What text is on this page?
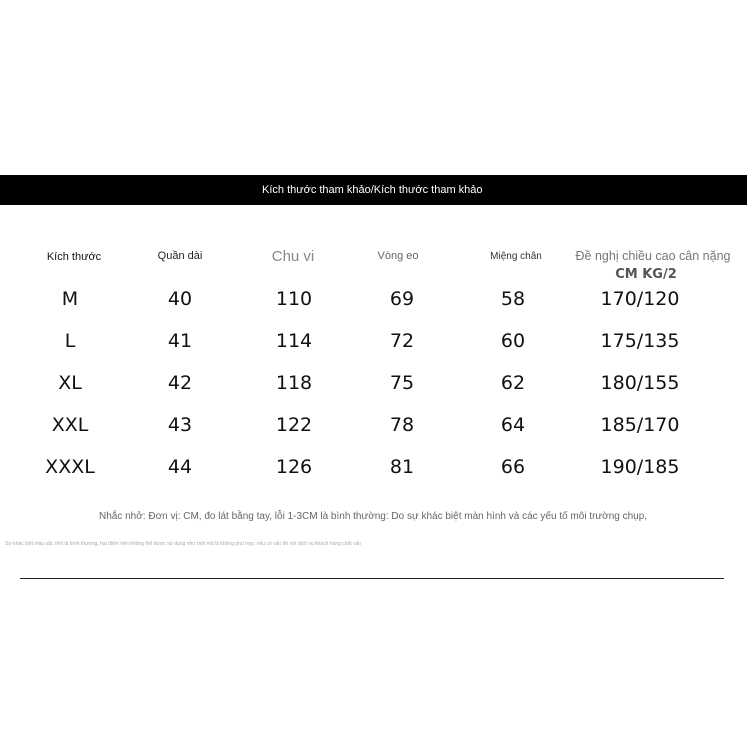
Kích thước tham khảo/Kích thước tham khảo
Kích thước	Quần dài	Chu vi	Vòng eo	Miệng chân	Đề nghị chiều cao cân nặng
CM KG/2
M	40	110	69	58	170/120
L	41	114	72	60	175/135
XL	42	118	75	62	180/155
XXL	43	122	78	64	185/170
XXXL	44	126	81	66	190/185
Nhắc nhở: Đơn vị: CM, đo lát bằng tay, lỗi 1-3CM là bình thường: Do sự khác biệt màn hình và các yếu tố môi trường chụp,
Sự khác biệt màu sắc nhỏ là bình thường, hai điểm trên không thể được sử dụng như một mã là không phù hợp, nếu có vấn đề với dịch vụ khách hàng chất vấn
